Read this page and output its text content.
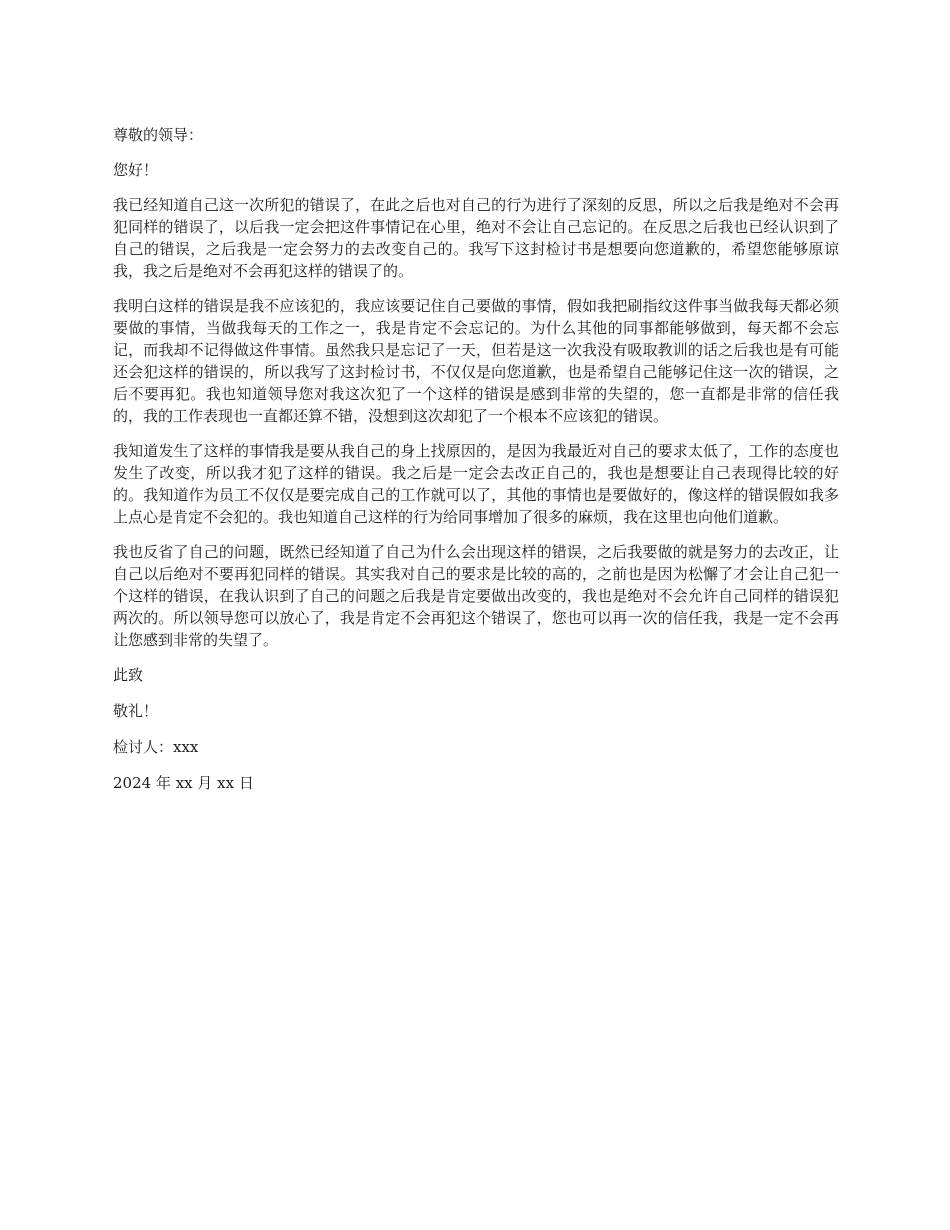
尊敬的领导：

您好！

我已经知道自己这一次所犯的错误了，在此之后也对自己的行为进行了深刻的反思，所以之后我是绝对不会再犯同样的错误了，以后我一定会把这件事情记在心里，绝对不会让自己忘记的。在反思之后我也已经认识到了自己的错误，之后我是一定会努力的去改变自己的。我写下这封检讨书是想要向您道歉的，希望您能够原谅我，我之后是绝对不会再犯这样的错误了的。

我明白这样的错误是我不应该犯的，我应该要记住自己要做的事情，假如我把刷指纹这件事当做我每天都必须要做的事情，当做我每天的工作之一，我是肯定不会忘记的。为什么其他的同事都能够做到，每天都不会忘记，而我却不记得做这件事情。虽然我只是忘记了一天，但若是这一次我没有吸取教训的话之后我也是有可能还会犯这样的错误的，所以我写了这封检讨书，不仅仅是向您道歉，也是希望自己能够记住这一次的错误，之后不要再犯。我也知道领导您对我这次犯了一个这样的错误是感到非常的失望的，您一直都是非常的信任我的，我的工作表现也一直都还算不错，没想到这次却犯了一个根本不应该犯的错误。

我知道发生了这样的事情我是要从我自己的身上找原因的，是因为我最近对自己的要求太低了，工作的态度也发生了改变，所以我才犯了这样的错误。我之后是一定会去改正自己的，我也是想要让自己表现得比较的好的。我知道作为员工不仅仅是要完成自己的工作就可以了，其他的事情也是要做好的，像这样的错误假如我多上点心是肯定不会犯的。我也知道自己这样的行为给同事增加了很多的麻烦，我在这里也向他们道歉。

我也反省了自己的问题，既然已经知道了自己为什么会出现这样的错误，之后我要做的就是努力的去改正，让自己以后绝对不要再犯同样的错误。其实我对自己的要求是比较的高的，之前也是因为松懈了才会让自己犯一个这样的错误，在我认识到了自己的问题之后我是肯定要做出改变的，我也是绝对不会允许自己同样的错误犯两次的。所以领导您可以放心了，我是肯定不会再犯这个错误了，您也可以再一次的信任我，我是一定不会再让您感到非常的失望了。

此致

敬礼！

检讨人：xxx

2024 年 xx 月 xx 日
